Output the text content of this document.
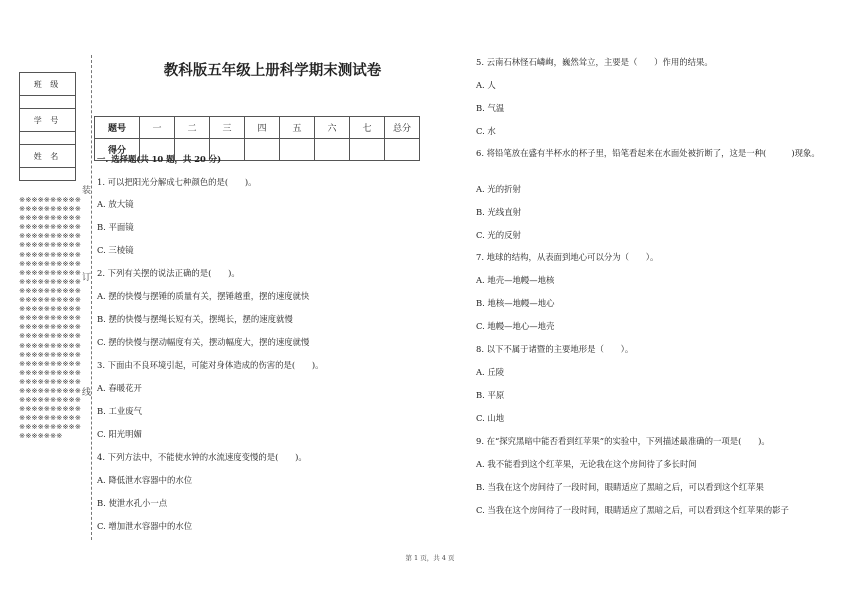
班 级

学 号

姓 名

※※※※※※※※※※※※※※※※※※※※※※※※※※※※※※※※※※※※※※※※※※※※※※※※※※※※※※※※※※※※※※※※※※※※※※※※※※※※※※※※※※※※※※※※※※※※※※※※※※※※※※※※※※※※※※※※※※※※※※※※※※※※※※※※※※※※※※※※※※※※※※※※※※※※※※※※※※※※※※※※※※※※※※※※※※※※※※※※※※※※※※※※※※※※※※※※※※※※※※※※※※※※※※※※※※※※※※※※※※※※※※※※※※※※※※※※※※※※※※※※※※※※※※※※※※※※※※※※※※※※※※※※※※※
装
订
线
教科版五年级上册科学期末测试卷
题号	一	二	三	四	五	六	七	总分
得分								
一. 选择题(共 10 题，共 20 分)
1. 可以把阳光分解成七种颜色的是(　　)。
A. 放大镜
B. 平面镜
C. 三棱镜
2. 下列有关摆的说法正确的是(　　)。
A. 摆的快慢与摆锤的质量有关，摆锤越重，摆的速度就快
B. 摆的快慢与摆绳长短有关，摆绳长，摆的速度就慢
C. 摆的快慢与摆动幅度有关，摆动幅度大，摆的速度就慢
3. 下面由不良环境引起，可能对身体造成的伤害的是(　　)。
A. 春暖花开
B. 工业废气
C. 阳光明媚
4. 下列方法中，不能使水钟的水流速度变慢的是(　　)。
A. 降低泄水容器中的水位
B. 使泄水孔小一点
C. 增加泄水容器中的水位
5. 云南石林怪石嶙峋，巍然耸立，主要是（　　）作用的结果。
A. 人
B. 气温
C. 水
6. 将铅笔放在盛有半杯水的杯子里，铅笔看起来在水面处被折断了，这是一种(　　　)现象。
A. 光的折射
B. 光线直射
C. 光的反射
7. 地球的结构，从表面到地心可以分为（　　）。
A. 地壳—地幔—地核
B. 地核—地幔—地心
C. 地幔—地心—地壳
8. 以下不属于诸暨的主要地形是（　　）。
A. 丘陵
B. 平原
C. 山地
9. 在“探究黑暗中能否看到红苹果”的实验中，下列描述最准确的一项是(　　)。
A. 我不能看到这个红苹果，无论我在这个房间待了多长时间
B. 当我在这个房间待了一段时间，眼睛适应了黑暗之后，可以看到这个红苹果
C. 当我在这个房间待了一段时间，眼睛适应了黑暗之后，可以看到这个红苹果的影子
第 1 页，共 4 页
